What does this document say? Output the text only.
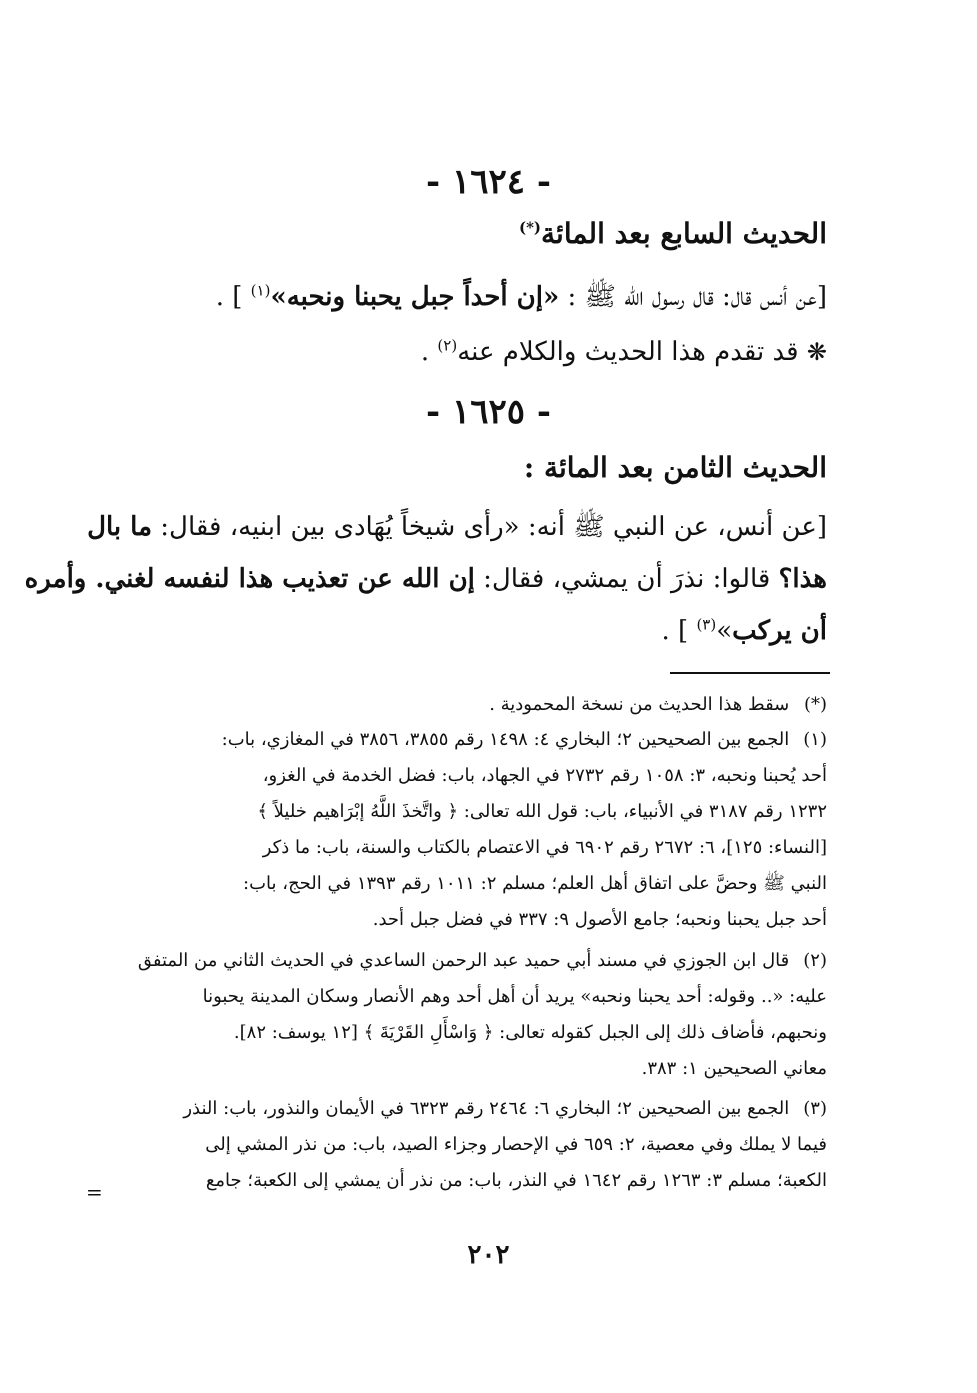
- ١٦٢٤ -
الحديث السابع بعد المائة(*)
[عن أنس قال: قال رسول الله ﷺ : «إن أحداً جبل يحبنا ونحبه»$^{(١)}$ ] .
❋ قد تقدم هذا الحديث والكلام عنه$^{(٢)}$ .
- ١٦٢٥ -
الحديث الثامن بعد المائة :
[عن أنس، عن النبي ﷺ أنه: «رأى شيخاً يُهَادى بين ابنيه، فقال: ما بال
هذا؟ قالوا: نذرَ أن يمشي، فقال: إن الله عن تعذيب هذا لنفسه لغني. وأمره
أن يركب»$^{(٣)}$ ] .
(*) سقط هذا الحديث من نسخة المحمودية .
(١) الجمع بين الصحيحين ٢؛ البخاري ٤: ١٤٩٨ رقم ٣٨٥٥، ٣٨٥٦ في المغازي، باب:
أحد يُحبنا ونحبه، ٣: ١٠٥٨ رقم ٢٧٣٢ في الجهاد، باب: فضل الخدمة في الغزو،
١٢٣٢ رقم ٣١٨٧ في الأنبياء، باب: قول الله تعالى: ﴿ واتَّخذَ اللَّهُ إبْرَاهيم خليلاً ﴾
[النساء: ١٢٥]، ٦: ٢٦٧٢ رقم ٦٩٠٢ في الاعتصام بالكتاب والسنة، باب: ما ذكر
النبي ﷺ وحضَّ على اتفاق أهل العلم؛ مسلم ٢: ١٠١١ رقم ١٣٩٣ في الحج، باب:
أحد جبل يحبنا ونحبه؛ جامع الأصول ٩: ٣٣٧ في فضل جبل أحد.
(٢) قال ابن الجوزي في مسند أبي حميد عبد الرحمن الساعدي في الحديث الثاني من المتفق
عليه: «.. وقوله: أحد يحبنا ونحبه» يريد أن أهل أحد وهم الأنصار وسكان المدينة يحبونا
ونحبهم، فأضاف ذلك إلى الجبل كقوله تعالى: ﴿ وَاسْأَلِ القَرْيَةَ ﴾ [١٢ يوسف: ٨٢].
معاني الصحيحين ١: ٣٨٣.
(٣) الجمع بين الصحيحين ٢؛ البخاري ٦: ٢٤٦٤ رقم ٦٣٢٣ في الأيمان والنذور، باب: النذر
فيما لا يملك وفي معصية، ٢: ٦٥٩ في الإحصار وجزاء الصيد، باب: من نذر المشي إلى
الكعبة؛ مسلم ٣: ١٢٦٣ رقم ١٦٤٢ في النذر، باب: من نذر أن يمشي إلى الكعبة؛ جامع
=
٢٠٢
